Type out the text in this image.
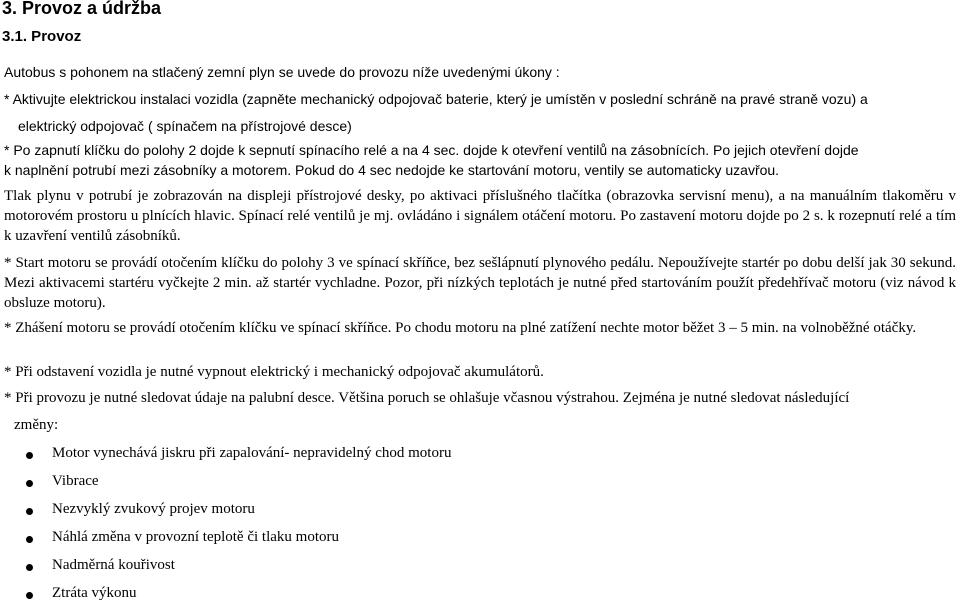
3. Provoz a údržba
3.1. Provoz
Autobus s pohonem na stlačený zemní plyn se uvede do provozu níže uvedenými úkony :
* Aktivujte elektrickou instalaci vozidla (zapněte mechanický odpojovač baterie, který je umístěn v poslední schráně na pravé straně vozu) a
elektrický odpojovač ( spínačem na přístrojové desce)
* Po zapnutí klíčku do polohy 2 dojde k sepnutí spínacího relé a na 4 sec. dojde k otevření ventilů na zásobnících. Po jejich otevření dojde
k naplnění potrubí mezi zásobníky a motorem. Pokud do 4 sec nedojde ke startování motoru, ventily se automaticky uzavřou.
Tlak plynu v potrubí je zobrazován na displeji přístrojové desky, po aktivaci příslušného tlačítka (obrazovka servisní menu), a na manuálním tlakoměru v motorovém prostoru u plnících hlavic. Spínací relé ventilů je mj. ovládáno i signálem otáčení motoru. Po zastavení motoru dojde po 2 s. k rozepnutí relé a tím k uzavření ventilů zásobníků.
* Start motoru se provádí otočením klíčku do polohy 3 ve spínací skříňce, bez sešlápnutí plynového pedálu. Nepoužívejte startér po dobu delší jak 30 sekund. Mezi aktivacemi startéru vyčkejte 2 min. až startér vychladne. Pozor, při nízkých teplotách je nutné před startováním použít předehřívač motoru (viz návod k obsluze motoru).
* Zhášení motoru se provádí otočením klíčku ve spínací skříňce. Po chodu motoru na plné zatížení nechte motor běžet 3 – 5 min. na volnoběžné otáčky.
* Při odstavení vozidla je nutné vypnout elektrický i mechanický odpojovač akumulátorů.
* Při provozu je nutné sledovat údaje na palubní desce. Většina poruch se ohlašuje včasnou výstrahou. Zejména je nutné sledovat následující
změny:
Motor vynechává jiskru při zapalování- nepravidelný chod motoru
Vibrace
Nezvyklý zvukový projev motoru
Náhlá změna v provozní teplotě či tlaku motoru
Nadměrná kouřivost
Ztráta výkonu
